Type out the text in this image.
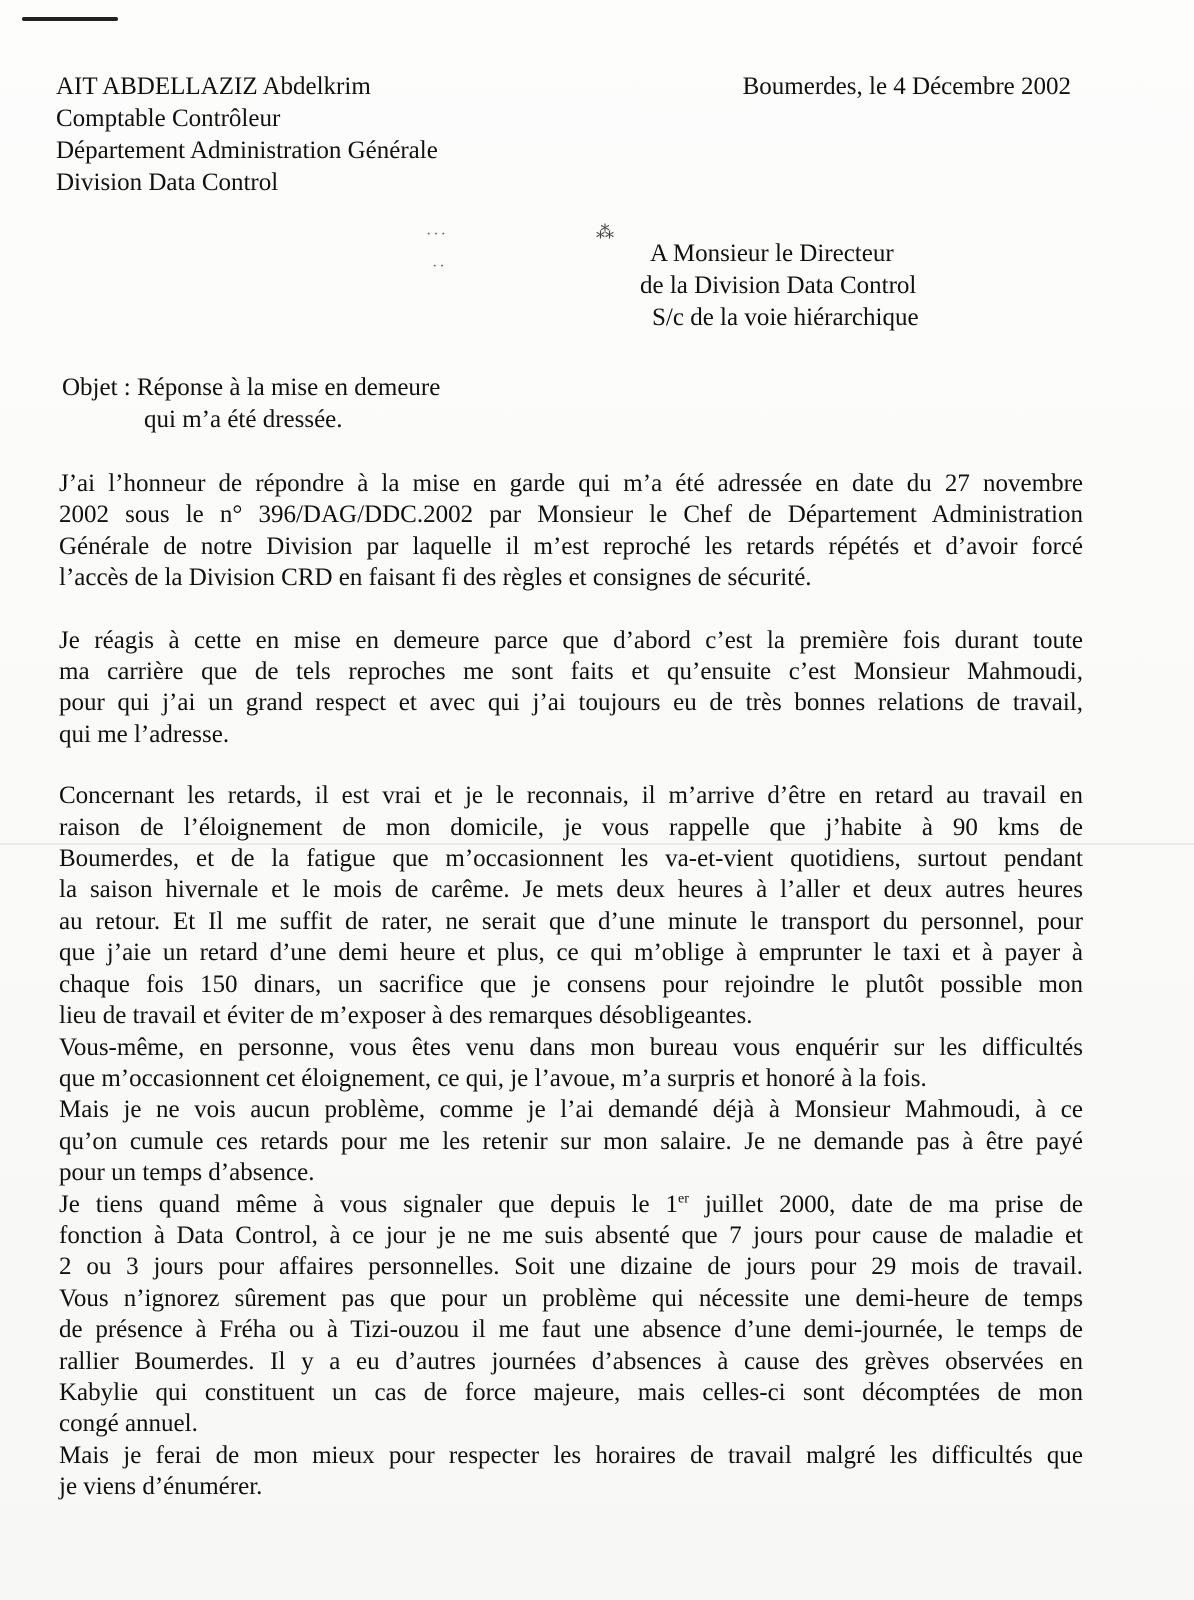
AIT ABDELLAZIZ Abdelkrim
Comptable Contrôleur
Département Administration Générale
Division Data Control
Boumerdes, le 4 Décembre 2002
···
··
⁂
A Monsieur le Directeur
de la Division Data Control
S/c de la voie hiérarchique
Objet : Réponse à la mise en demeure
qui m’a été dressée.

J’ai l’honneur de répondre à la mise en garde qui m’a été adressée en date du 27 novembre
2002 sous le n° 396/DAG/DDC.2002 par Monsieur le Chef de Département Administration
Générale de notre Division par laquelle il m’est reproché les retards répétés et d’avoir forcé
l’accès de la Division CRD en faisant fi des règles et consignes de sécurité.

Je réagis à cette en mise en demeure parce que d’abord c’est la première fois durant toute
ma carrière que de tels reproches me sont faits et qu’ensuite c’est Monsieur Mahmoudi,
pour qui j’ai un grand respect et avec qui j’ai toujours eu de très bonnes relations de travail,
qui me l’adresse.

Concernant les retards, il est vrai et je le reconnais, il m’arrive d’être en retard au travail en
raison de l’éloignement de mon domicile, je vous rappelle que j’habite à 90 kms de
Boumerdes, et de la fatigue que m’occasionnent les va-et-vient quotidiens, surtout pendant
la saison hivernale et le mois de carême. Je mets deux heures à l’aller et deux autres heures
au retour. Et Il me suffit de rater, ne serait que d’une minute le transport du personnel, pour
que j’aie un retard d’une demi heure et plus, ce qui m’oblige à emprunter le taxi et à payer à
chaque fois 150 dinars, un sacrifice que je consens pour rejoindre le plutôt possible mon
lieu de travail et éviter de m’exposer à des remarques désobligeantes.

Vous-même, en personne, vous êtes venu dans mon bureau vous enquérir sur les difficultés
que m’occasionnent cet éloignement, ce qui, je l’avoue, m’a surpris et honoré à la fois.

Mais je ne vois aucun problème, comme je l’ai demandé déjà à Monsieur Mahmoudi, à ce
qu’on cumule ces retards pour me les retenir sur mon salaire. Je ne demande pas à être payé
pour un temps d’absence.

Je tiens quand même à vous signaler que depuis le 1er juillet 2000, date de ma prise de
fonction à Data Control, à ce jour je ne me suis absenté que 7 jours pour cause de maladie et
2 ou 3 jours pour affaires personnelles. Soit une dizaine de jours pour 29 mois de travail.
Vous n’ignorez sûrement pas que pour un problème qui nécessite une demi-heure de temps
de présence à Fréha ou à Tizi-ouzou il me faut une absence d’une demi-journée, le temps de
rallier Boumerdes. Il y a eu d’autres journées d’absences à cause des grèves observées en
Kabylie qui constituent un cas de force majeure, mais celles-ci sont décomptées de mon
congé annuel.

Mais je ferai de mon mieux pour respecter les horaires de travail malgré les difficultés que
je viens d’énumérer.
